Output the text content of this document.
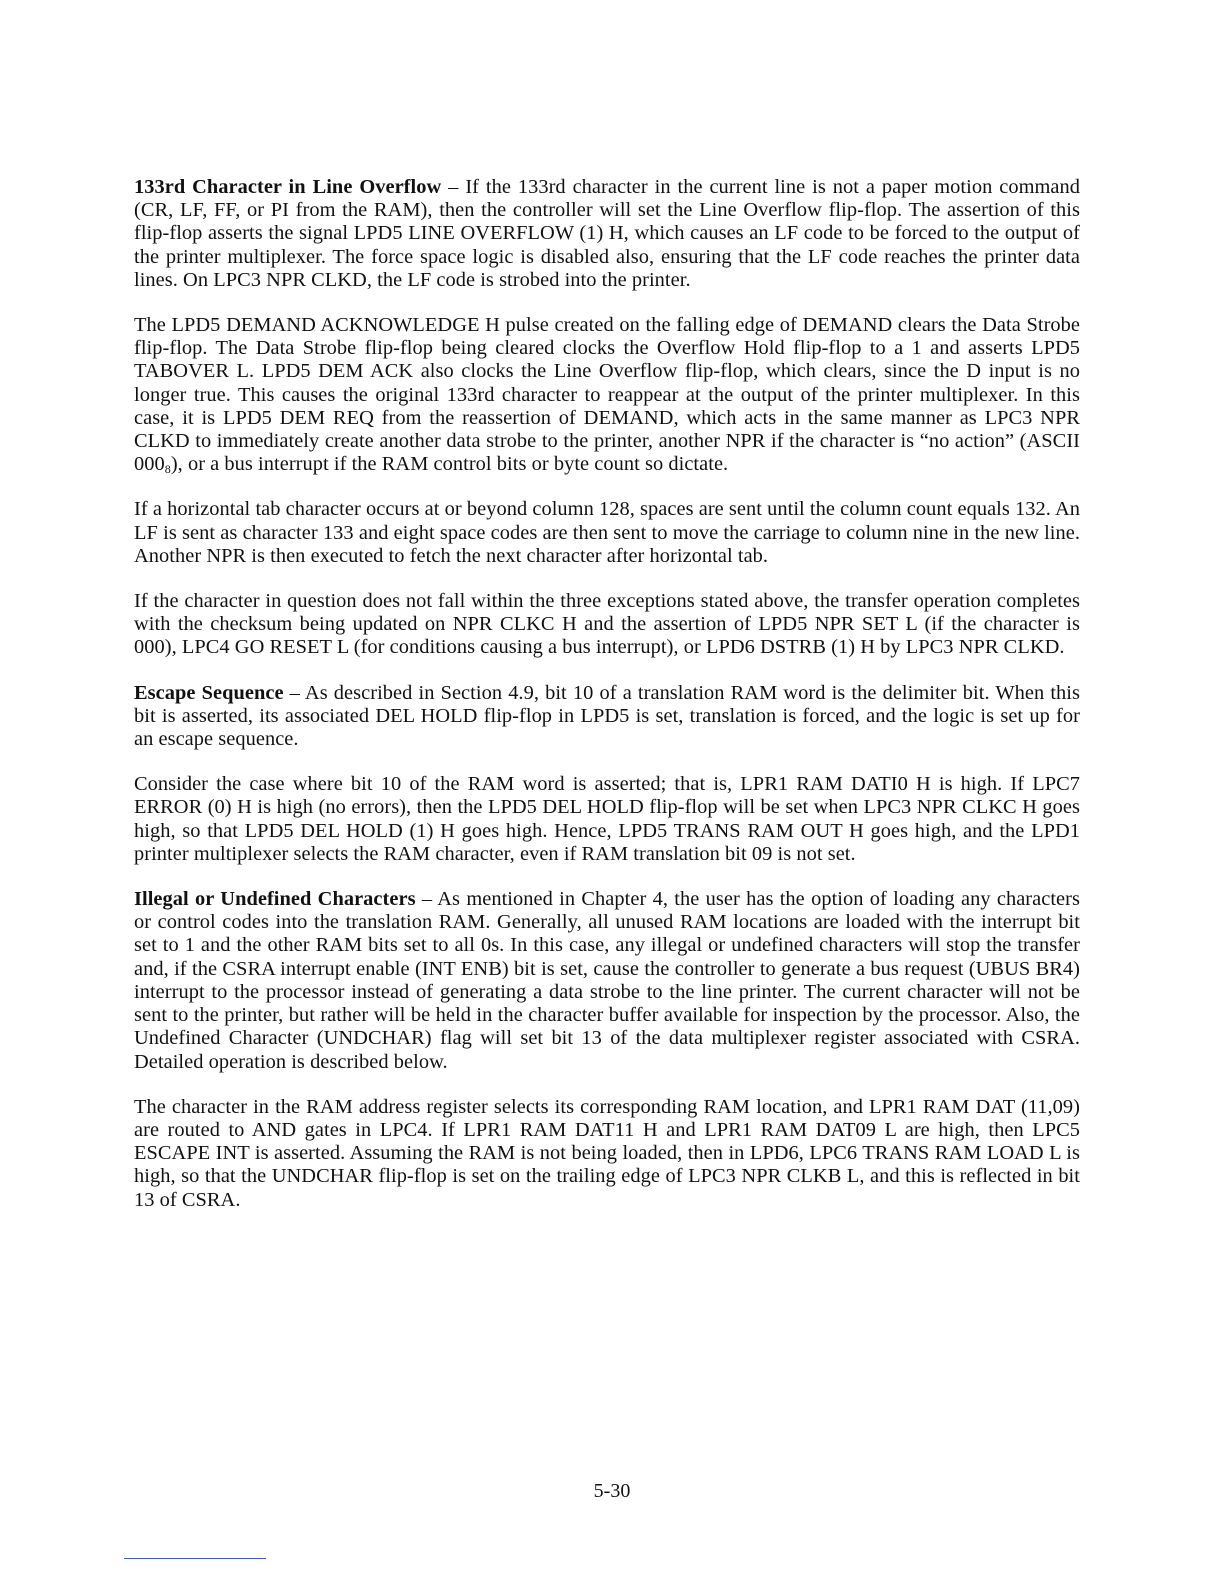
133rd Character in Line Overflow – If the 133rd character in the current line is not a paper motion command (CR, LF, FF, or PI from the RAM), then the controller will set the Line Overflow flip-flop. The assertion of this flip-flop asserts the signal LPD5 LINE OVERFLOW (1) H, which causes an LF code to be forced to the output of the printer multiplexer. The force space logic is disabled also, ensuring that the LF code reaches the printer data lines. On LPC3 NPR CLKD, the LF code is strobed into the printer.

The LPD5 DEMAND ACKNOWLEDGE H pulse created on the falling edge of DEMAND clears the Data Strobe flip-flop. The Data Strobe flip-flop being cleared clocks the Overflow Hold flip-flop to a 1 and asserts LPD5 TABOVER L. LPD5 DEM ACK also clocks the Line Overflow flip-flop, which clears, since the D input is no longer true. This causes the original 133rd character to reappear at the output of the printer multiplexer. In this case, it is LPD5 DEM REQ from the reassertion of DEMAND, which acts in the same manner as LPC3 NPR CLKD to immediately create another data strobe to the printer, another NPR if the character is “no action” (ASCII $000_8$), or a bus interrupt if the RAM control bits or byte count so dictate.

If a horizontal tab character occurs at or beyond column 128, spaces are sent until the column count equals 132. An LF is sent as character 133 and eight space codes are then sent to move the carriage to column nine in the new line. Another NPR is then executed to fetch the next character after horizontal tab.

If the character in question does not fall within the three exceptions stated above, the transfer operation completes with the checksum being updated on NPR CLKC H and the assertion of LPD5 NPR SET L (if the character is 000), LPC4 GO RESET L (for conditions causing a bus interrupt), or LPD6 DSTRB (1) H by LPC3 NPR CLKD.

Escape Sequence – As described in Section 4.9, bit 10 of a translation RAM word is the delimiter bit. When this bit is asserted, its associated DEL HOLD flip-flop in LPD5 is set, translation is forced, and the logic is set up for an escape sequence.

Consider the case where bit 10 of the RAM word is asserted; that is, LPR1 RAM DATI0 H is high. If LPC7 ERROR (0) H is high (no errors), then the LPD5 DEL HOLD flip-flop will be set when LPC3 NPR CLKC H goes high, so that LPD5 DEL HOLD (1) H goes high. Hence, LPD5 TRANS RAM OUT H goes high, and the LPD1 printer multiplexer selects the RAM character, even if RAM translation bit 09 is not set.

Illegal or Undefined Characters – As mentioned in Chapter 4, the user has the option of loading any characters or control codes into the translation RAM. Generally, all unused RAM locations are loaded with the interrupt bit set to 1 and the other RAM bits set to all 0s. In this case, any illegal or undefined characters will stop the transfer and, if the CSRA interrupt enable (INT ENB) bit is set, cause the controller to generate a bus request (UBUS BR4) interrupt to the processor instead of generating a data strobe to the line printer. The current character will not be sent to the printer, but rather will be held in the character buffer available for inspection by the processor. Also, the Undefined Character (UNDCHAR) flag will set bit 13 of the data multiplexer register associated with CSRA. Detailed operation is described below.

The character in the RAM address register selects its corresponding RAM location, and LPR1 RAM DAT (11,09) are routed to AND gates in LPC4. If LPR1 RAM DAT11 H and LPR1 RAM DAT09 L are high, then LPC5 ESCAPE INT is asserted. Assuming the RAM is not being loaded, then in LPD6, LPC6 TRANS RAM LOAD L is high, so that the UNDCHAR flip-flop is set on the trailing edge of LPC3 NPR CLKB L, and this is reflected in bit 13 of CSRA.

5-30
